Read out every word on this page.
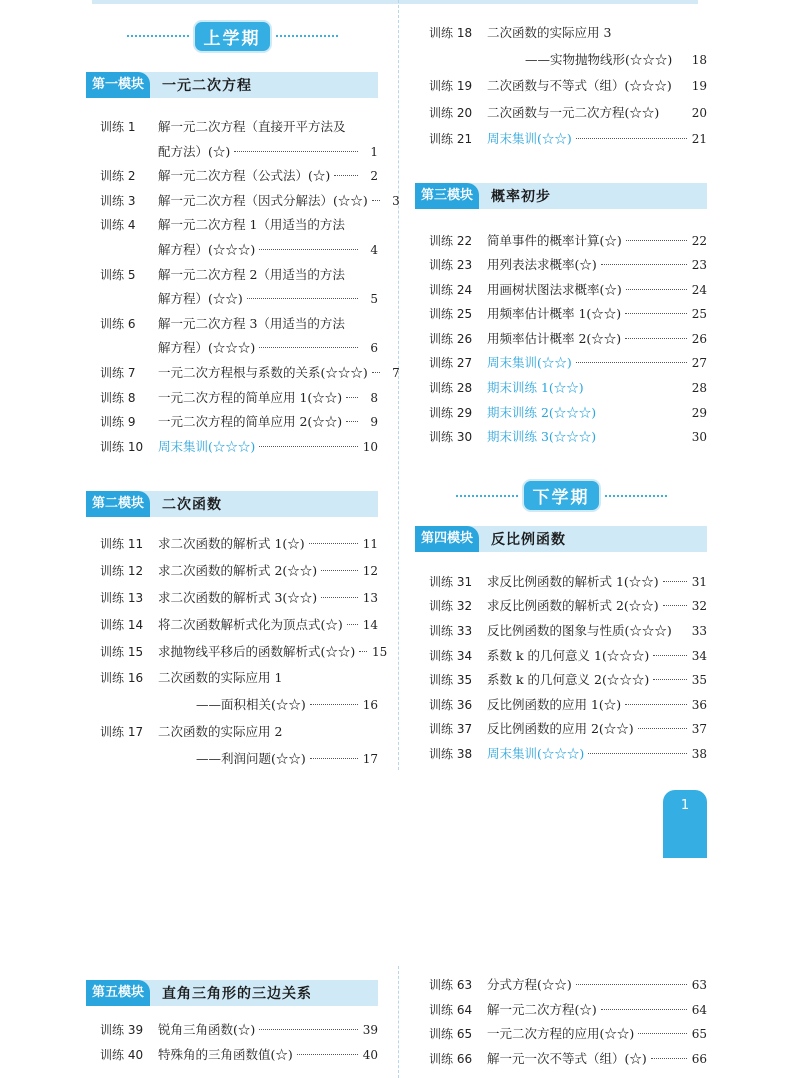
上学期
第一模块	一元二次方程
训练 1	解一元二次方程（直接开平方法及
配方法）(☆)	1
训练 2	解一元二次方程（公式法）(☆)	2
训练 3	解一元二次方程（因式分解法）(☆☆)	3
训练 4	解一元二次方程 1（用适当的方法
解方程）(☆☆☆)	4
训练 5	解一元二次方程 2（用适当的方法
解方程）(☆☆)	5
训练 6	解一元二次方程 3（用适当的方法
解方程）(☆☆☆)	6
训练 7	一元二次方程根与系数的关系(☆☆☆)	7
训练 8	一元二次方程的简单应用 1(☆☆)	8
训练 9	一元二次方程的简单应用 2(☆☆)	9
训练 10	周末集训(☆☆☆)	10
第二模块	二次函数
训练 11	求二次函数的解析式 1(☆)	11
训练 12	求二次函数的解析式 2(☆☆)	12
训练 13	求二次函数的解析式 3(☆☆)	13
训练 14	将二次函数解析式化为顶点式(☆) 14
训练 15	求抛物线平移后的函数解析式(☆☆) 15
训练 16	二次函数的实际应用 1
——面积相关(☆☆)	16
训练 17	二次函数的实际应用 2
——利润问题(☆☆)	17
训练 18	二次函数的实际应用 3
——实物抛物线形(☆☆☆) 18
训练 19	二次函数与不等式（组）(☆☆☆) 19
训练 20	二次函数与一元二次方程(☆☆)	20
训练 21	周末集训(☆☆)	21
第三模块	概率初步
训练 22	简单事件的概率计算(☆)	22
训练 23	用列表法求概率(☆)	23
训练 24	用画树状图法求概率(☆)	24
训练 25	用频率估计概率 1(☆☆)	25
训练 26	用频率估计概率 2(☆☆)	26
训练 27	周末集训(☆☆)	27
训练 28	期末训练 1(☆☆)	28
训练 29	期末训练 2(☆☆☆)	29
训练 30	期末训练 3(☆☆☆)	30
下学期
第四模块	反比例函数
训练 31	求反比例函数的解析式 1(☆☆)	31
训练 32	求反比例函数的解析式 2(☆☆)	32
训练 33	反比例函数的图象与性质(☆☆☆) 33
训练 34	系数 k 的几何意义 1(☆☆☆)	34
训练 35	系数 k 的几何意义 2(☆☆☆)	35
训练 36	反比例函数的应用 1(☆)	36
训练 37	反比例函数的应用 2(☆☆)	37
训练 38	周末集训(☆☆☆)	38
1
第五模块	直角三角形的三边关系
训练 39	锐角三角函数(☆)	39
训练 40	特殊角的三角函数值(☆)	40
训练 63	分式方程(☆☆)	63
训练 64	解一元二次方程(☆)	64
训练 65	一元二次方程的应用(☆☆)	65
训练 66	解一元一次不等式（组）(☆)	66
